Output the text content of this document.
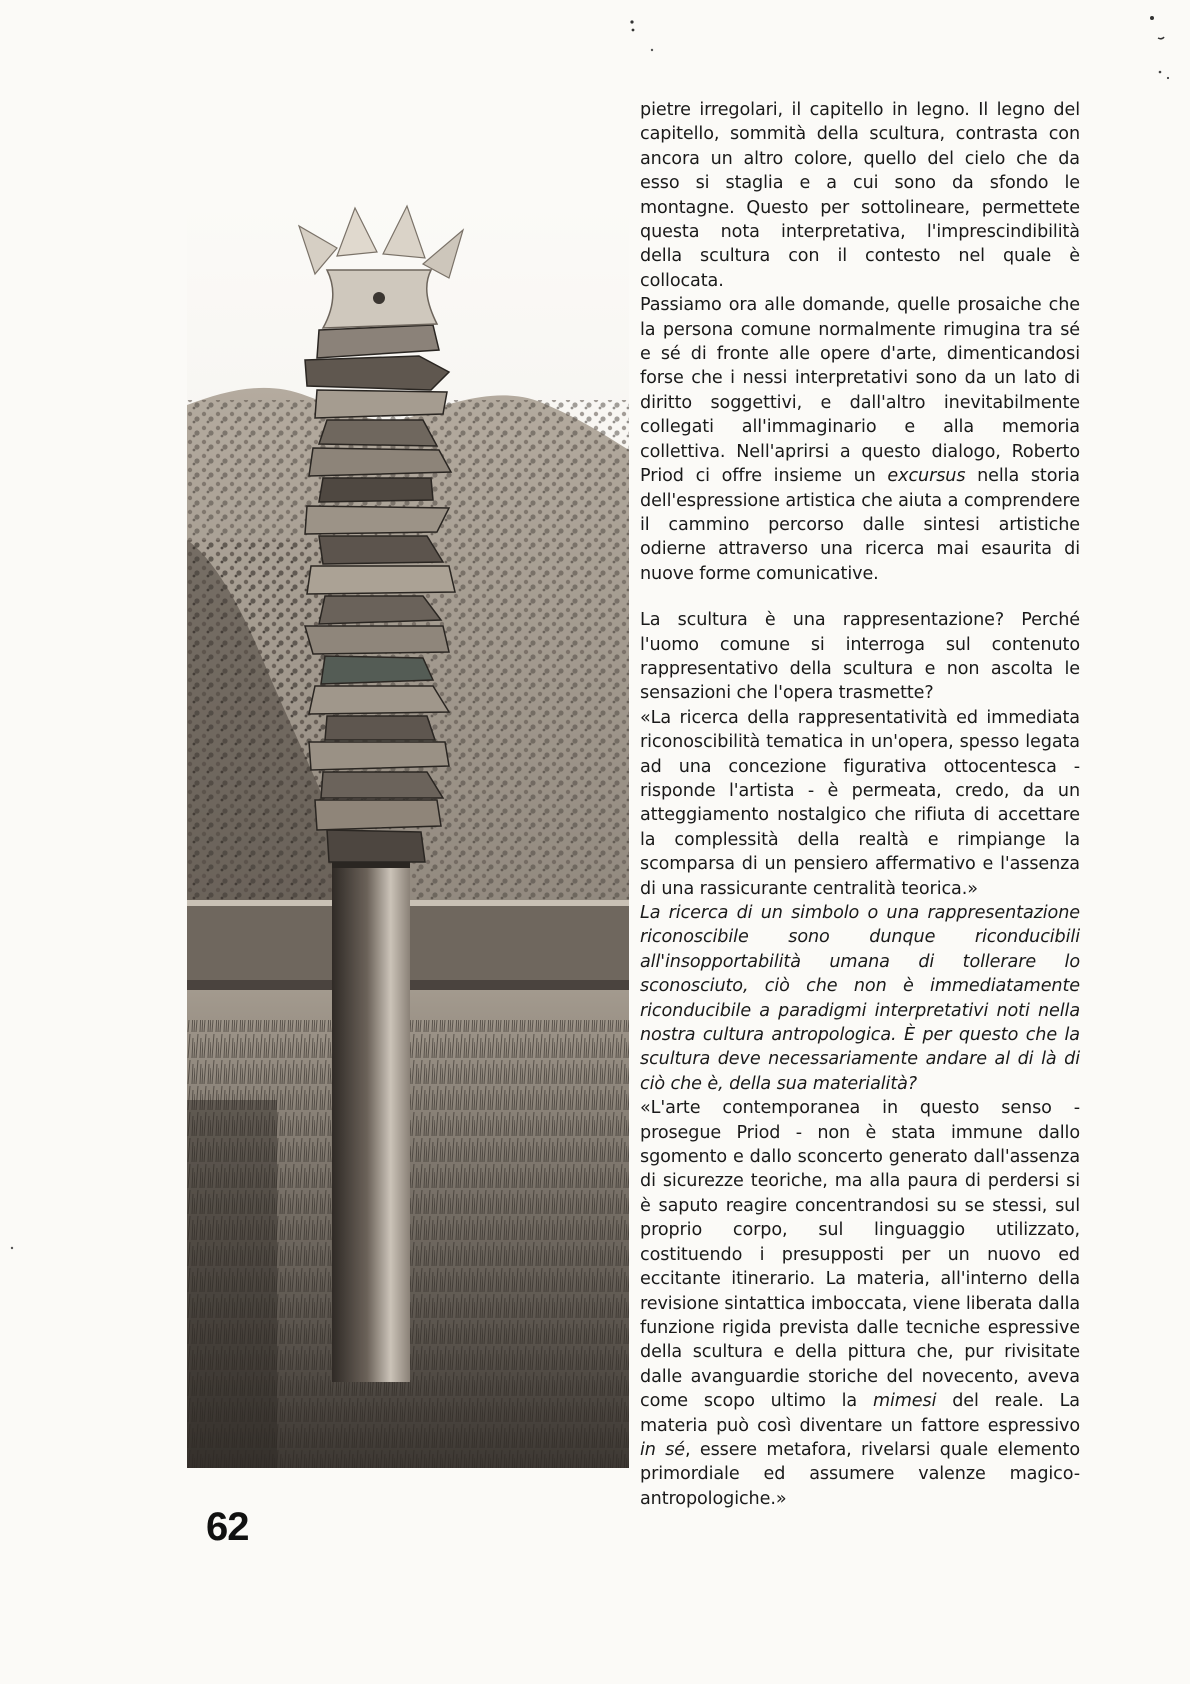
pietre irregolari, il capitello in legno. Il legno del capitello, sommità della scultura, contrasta con ancora un altro colore, quello del cielo che da esso si staglia e a cui sono da sfondo le montagne. Questo per sottolineare, permettete questa nota interpretativa, l'imprescindibilità della scultura con il contesto nel quale è collocata.

Passiamo ora alle domande, quelle prosaiche che la persona comune normalmente rimugina tra sé e sé di fronte alle opere d'arte, dimenticandosi forse che i nessi interpretativi sono da un lato di diritto soggettivi, e dall'altro inevitabilmente collegati all'immaginario e alla memoria collettiva. Nell'aprirsi a questo dialogo, Roberto Priod ci offre insieme un excursus nella storia dell'espressione artistica che aiuta a comprendere il cammino percorso dalle sintesi artistiche odierne attraverso una ricerca mai esaurita di nuove forme comunicative.

La scultura è una rappresentazione? Perché l'uomo comune si interroga sul contenuto rappresentativo della scultura e non ascolta le sensazioni che l'opera trasmette?

«La ricerca della rappresentatività ed immediata riconoscibilità tematica in un'opera, spesso legata ad una concezione figurativa ottocentesca - risponde l'artista - è permeata, credo, da un atteggiamento nostalgico che rifiuta di accettare la complessità della realtà e rimpiange la scomparsa di un pensiero affermativo e l'assenza di una rassicurante centralità teorica.»

La ricerca di un simbolo o una rappresentazione riconoscibile sono dunque riconducibili all'insopportabilità umana di tollerare lo sconosciuto, ciò che non è immediatamente riconducibile a paradigmi interpretativi noti nella nostra cultura antropologica. È per questo che la scultura deve necessariamente andare al di là di ciò che è, della sua materialità?

«L'arte contemporanea in questo senso - prosegue Priod - non è stata immune dallo sgomento e dallo sconcerto generato dall'assenza di sicurezze teoriche, ma alla paura di perdersi si è saputo reagire concentrandosi su se stessi, sul proprio corpo, sul linguaggio utilizzato, costituendo i presupposti per un nuovo ed eccitante itinerario. La materia, all'interno della revisione sintattica imboccata, viene liberata dalla funzione rigida prevista dalle tecniche espressive della scultura e della pittura che, pur rivisitate dalle avanguardie storiche del novecento, aveva come scopo ultimo la mimesi del reale. La materia può così diventare un fattore espressivo in sé, essere metafora, rivelarsi quale elemento primordiale ed assumere valenze magico-antropologiche.»

62
